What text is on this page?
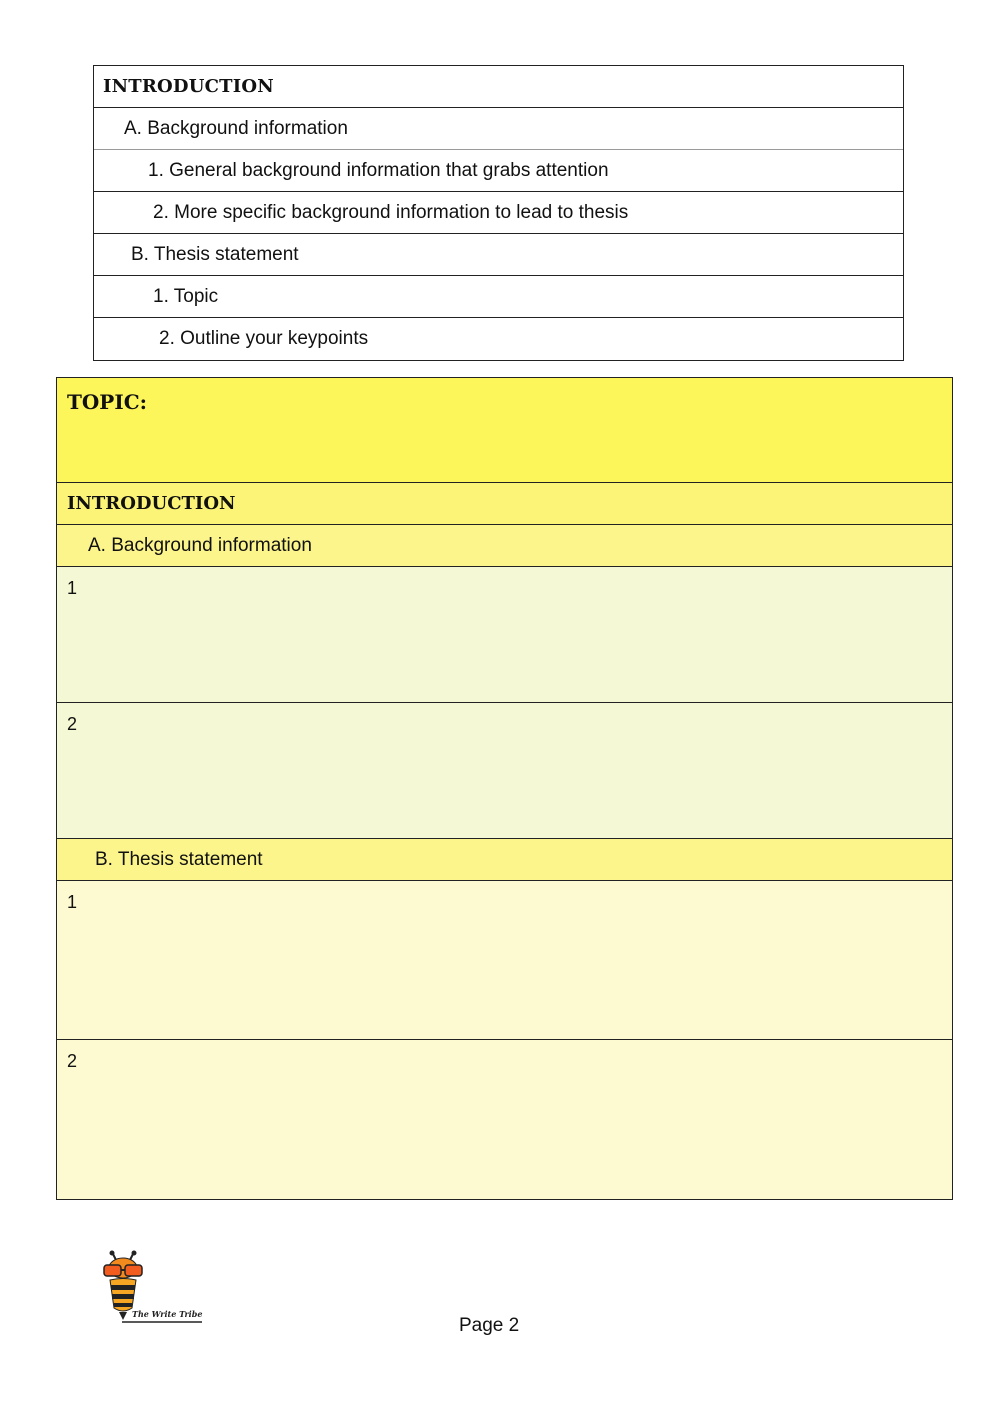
INTRODUCTION
A. Background information
1. General background information that grabs attention
2. More specific background information to lead to thesis
B. Thesis statement
1. Topic
2. Outline your keypoints
TOPIC:
INTRODUCTION
A. Background information
1
2
B. Thesis statement
1
2
The Write Tribe
Page 2
